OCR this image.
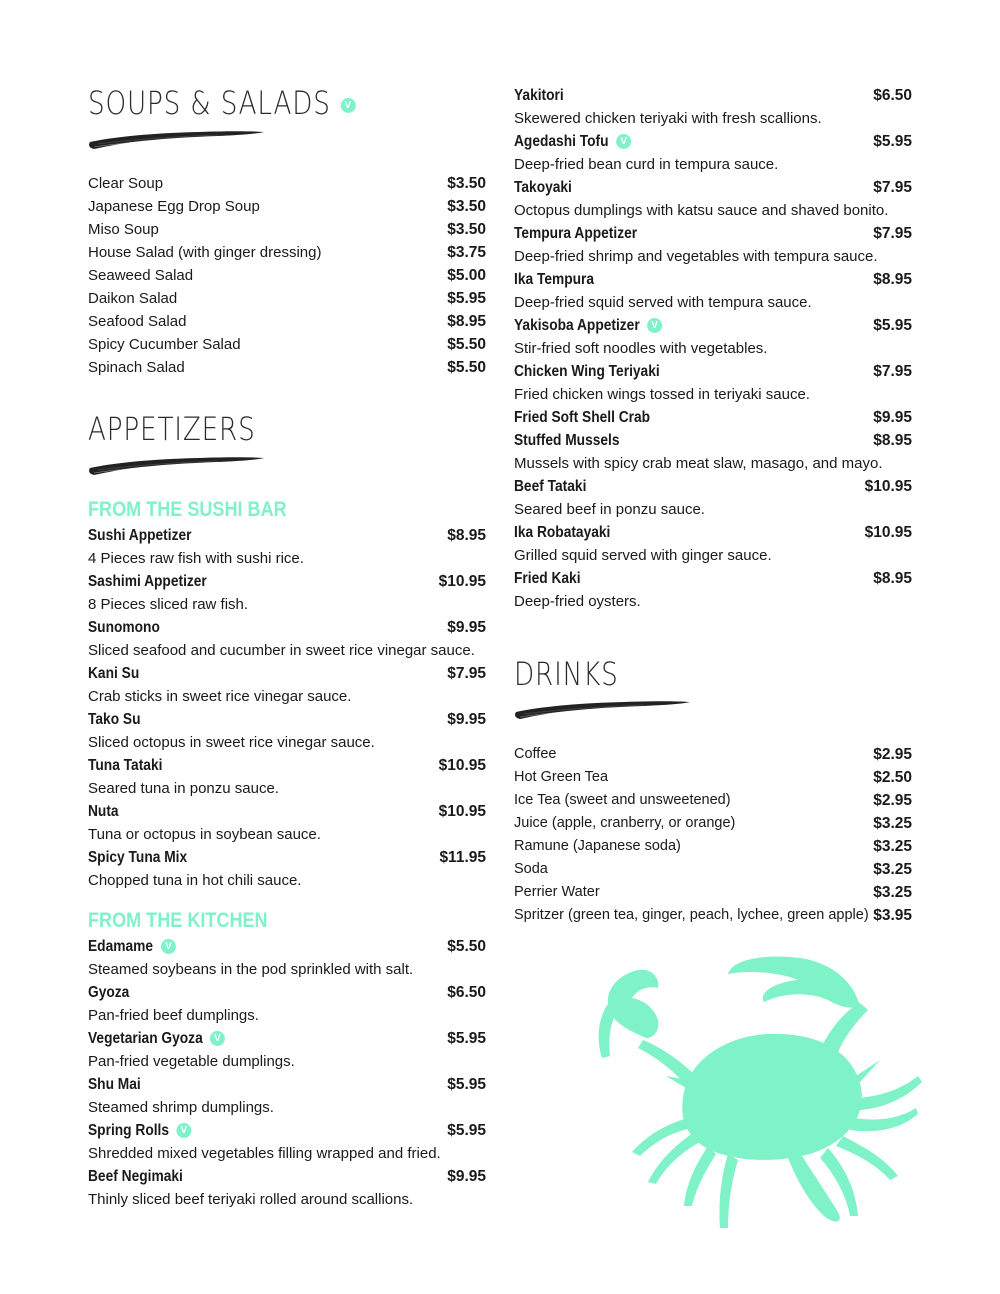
SOUPS & SALADS V
Clear Soup	$3.50
Japanese Egg Drop Soup	$3.50
Miso Soup	$3.50
House Salad (with ginger dressing)	$3.75
Seaweed Salad	$5.00
Daikon Salad	$5.95
Seafood Salad	$8.95
Spicy Cucumber Salad	$5.50
Spinach Salad	$5.50
APPETIZERS
FROM THE SUSHI BAR
Sushi Appetizer	$8.95
4 Pieces raw fish with sushi rice.
Sashimi Appetizer	$10.95
8 Pieces sliced raw fish.
Sunomono	$9.95
Sliced seafood and cucumber in sweet rice vinegar sauce.
Kani Su	$7.95
Crab sticks in sweet rice vinegar sauce.
Tako Su	$9.95
Sliced octopus in sweet rice vinegar sauce.
Tuna Tataki	$10.95
Seared tuna in ponzu sauce.
Nuta	$10.95
Tuna or octopus in soybean sauce.
Spicy Tuna Mix	$11.95
Chopped tuna in hot chili sauce.
FROM THE KITCHEN
Edamame V	$5.50
Steamed soybeans in the pod sprinkled with salt.
Gyoza	$6.50
Pan-fried beef dumplings.
Vegetarian Gyoza V	$5.95
Pan-fried vegetable dumplings.
Shu Mai	$5.95
Steamed shrimp dumplings.
Spring Rolls V	$5.95
Shredded mixed vegetables filling wrapped and fried.
Beef Negimaki	$9.95
Thinly sliced beef teriyaki rolled around scallions.
Yakitori	$6.50
Skewered chicken teriyaki with fresh scallions.
Agedashi Tofu V	$5.95
Deep-fried bean curd in tempura sauce.
Takoyaki	$7.95
Octopus dumplings with katsu sauce and shaved bonito.
Tempura Appetizer	$7.95
Deep-fried shrimp and vegetables with tempura sauce.
Ika Tempura	$8.95
Deep-fried squid served with tempura sauce.
Yakisoba Appetizer V	$5.95
Stir-fried soft noodles with vegetables.
Chicken Wing Teriyaki	$7.95
Fried chicken wings tossed in teriyaki sauce.
Fried Soft Shell Crab	$9.95
Stuffed Mussels	$8.95
Mussels with spicy crab meat slaw, masago, and mayo.
Beef Tataki	$10.95
Seared beef in ponzu sauce.
Ika Robatayaki	$10.95
Grilled squid served with ginger sauce.
Fried Kaki	$8.95
Deep-fried oysters.
DRINKS
Coffee	$2.95
Hot Green Tea	$2.50
Ice Tea (sweet and unsweetened)	$2.95
Juice (apple, cranberry, or orange)	$3.25
Ramune (Japanese soda)	$3.25
Soda	$3.25
Perrier Water	$3.25
Spritzer (green tea, ginger, peach, lychee, green apple) $3.95
